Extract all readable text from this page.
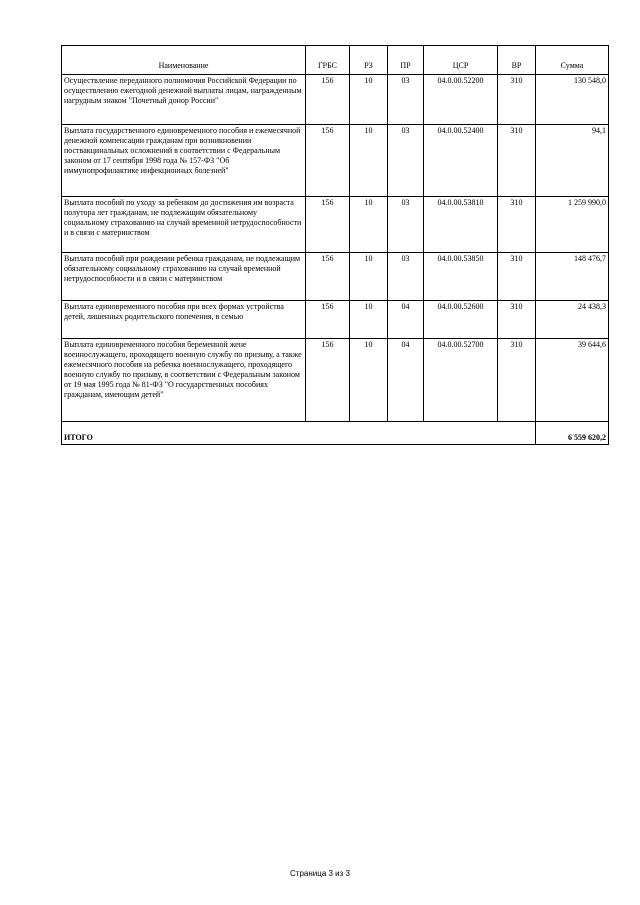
Наименование	ГРБС	РЗ	ПР	ЦСР	ВР	Сумма
Осуществление переданного полномочия Российской Федерации по осуществлению ежегодной денежной выплаты лицам, награжденным нагрудным знаком "Почетный донор России"	156	10	03	04.0.00.52200	310	130 548,0
Выплата государственного единовременного пособия и ежемесячной денежной компенсации гражданам при возникновении поствакцинальных осложнений в соответствии с Федеральным законом от 17 сентября 1998 года № 157-ФЗ "Об иммунопрофилактике инфекционных болезней"	156	10	03	04.0.00.52400	310	94,1
Выплата пособий по уходу за ребенком до достижения им возраста полутора лет гражданам, не подлежащим обязательному социальному страхованию на случай временной нетрудоспособности и в связи с материнством	156	10	03	04.0.00.53810	310	1 259 990,0
Выплата пособий при рождении ребенка гражданам, не подлежащим обязательному социальному страхованию на случай временной нетрудоспособности и в связи с материнством	156	10	03	04.0.00.53850	310	148 476,7
Выплата единовременного пособия при всех формах устройства детей, лишенных родительского попечения, в семью	156	10	04	04.0.00.52600	310	24 438,3
Выплата единовременного пособия беременной жене военнослужащего, проходящего военную службу по призыву, а также ежемесячного пособия на ребенка военнослужащего, проходящего военную службу по призыву, в соответствии с Федеральным законом от 19 мая 1995 года № 81-ФЗ "О государственных пособиях гражданам, имеющим детей"	156	10	04	04.0.00.52700	310	39 644,6
ИТОГО						6 559 620,2
Страница 3 из 3
